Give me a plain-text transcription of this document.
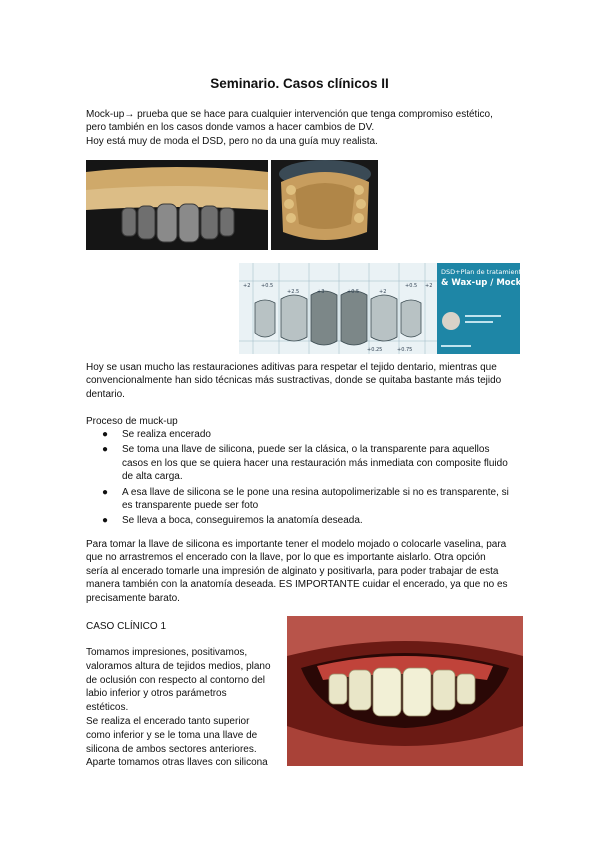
Seminario. Casos clínicos II
Mock-up→ prueba que se hace para cualquier intervención que tenga compromiso estético,
pero también en los casos donde vamos a hacer cambios de DV.
Hoy está muy de moda el DSD, pero no da una guía muy realista.
+2 +0.5
+2.5	+3	+0.5	+2
+0.5 +2
+0.25	+0.75
DSD+Plan de tratamiento
& Wax-up / Mock-up
Hoy se usan mucho las restauraciones aditivas para respetar el tejido dentario, mientras que
convencionalmente han sido técnicas más sustractivas, donde se quitaba bastante más tejido
dentario.
Proceso de muck-up
● Se realiza encerado
● Se toma una llave de silicona, puede ser la clásica, o la transparente para aquellos
casos en los que se quiera hacer una restauración más inmediata con composite fluido
de alta carga.
● A esa llave de silicona se le pone una resina autopolimerizable si no es transparente, si
es transparente puede ser foto
● Se lleva a boca, conseguiremos la anatomía deseada.
Para tomar la llave de silicona es importante tener el modelo mojado o colocarle vaselina, para
que no arrastremos el encerado con la llave, por lo que es importante aislarlo. Otra opción
sería al encerado tomarle una impresión de alginato y positivarla, para poder trabajar de esta
manera también con la anatomía deseada. ES IMPORTANTE cuidar el encerado, ya que no es
precisamente barato.
CASO CLÍNICO 1
Tomamos impresiones, positivamos,
valoramos altura de tejidos medios, plano
de oclusión con respecto al contorno del
labio inferior y otros parámetros
estéticos.
Se realiza el encerado tanto superior
como inferior y se le toma una llave de
silicona de ambos sectores anteriores.
Aparte tomamos otras llaves con silicona
